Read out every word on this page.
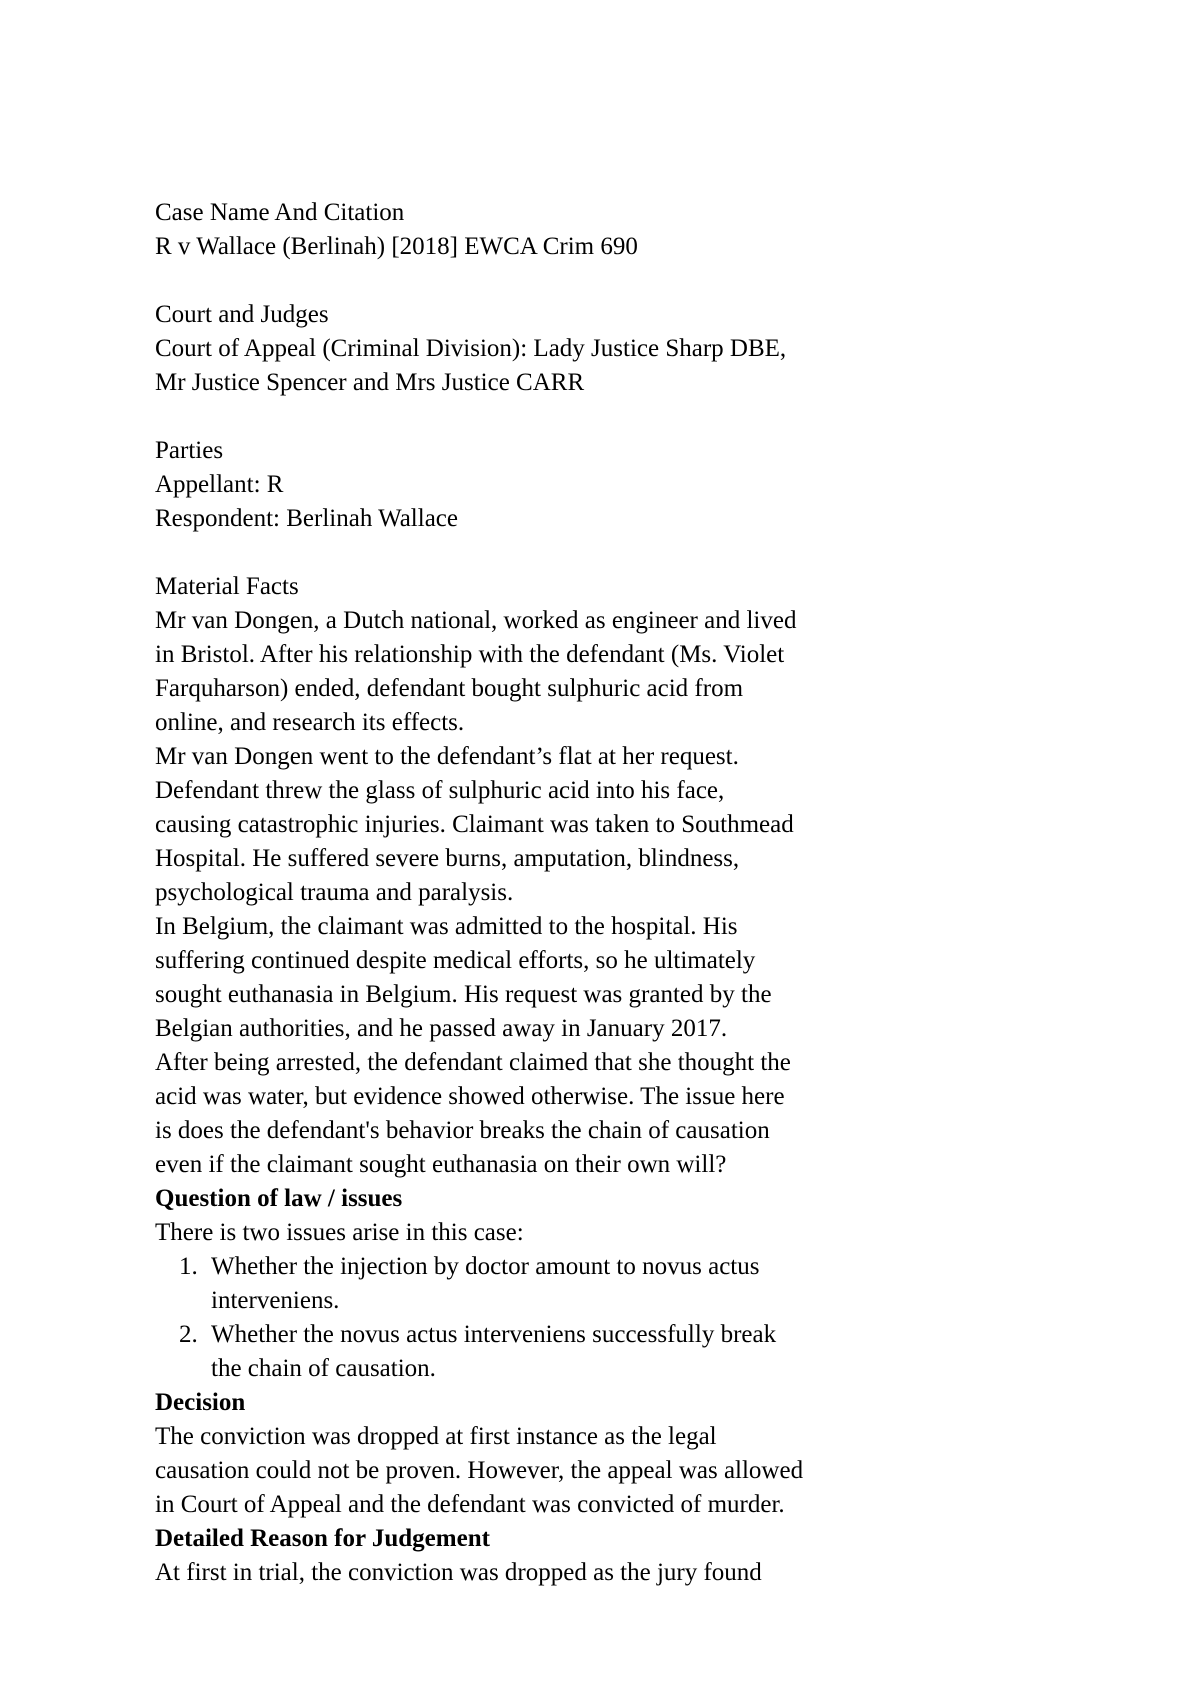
Case Name And Citation
R v Wallace (Berlinah) [2018] EWCA Crim 690
Court and Judges
Court of Appeal (Criminal Division): Lady Justice Sharp DBE,
Mr Justice Spencer and Mrs Justice CARR
Parties
Appellant: R
Respondent: Berlinah Wallace
Material Facts
Mr van Dongen, a Dutch national, worked as engineer and lived
in Bristol. After his relationship with the defendant (Ms. Violet
Farquharson) ended, defendant bought sulphuric acid from
online, and research its effects.
Mr van Dongen went to the defendant’s flat at her request.
Defendant threw the glass of sulphuric acid into his face,
causing catastrophic injuries. Claimant was taken to Southmead
Hospital. He suffered severe burns, amputation, blindness,
psychological trauma and paralysis.
In Belgium, the claimant was admitted to the hospital. His
suffering continued despite medical efforts, so he ultimately
sought euthanasia in Belgium. His request was granted by the
Belgian authorities, and he passed away in January 2017.
After being arrested, the defendant claimed that she thought the
acid was water, but evidence showed otherwise. The issue here
is does the defendant's behavior breaks the chain of causation
even if the claimant sought euthanasia on their own will?
Question of law / issues
There is two issues arise in this case:
1. Whether the injection by doctor amount to novus actus
interveniens.
2. Whether the novus actus interveniens successfully break
the chain of causation.
Decision
The conviction was dropped at first instance as the legal
causation could not be proven. However, the appeal was allowed
in Court of Appeal and the defendant was convicted of murder.
Detailed Reason for Judgement
At first in trial, the conviction was dropped as the jury found
